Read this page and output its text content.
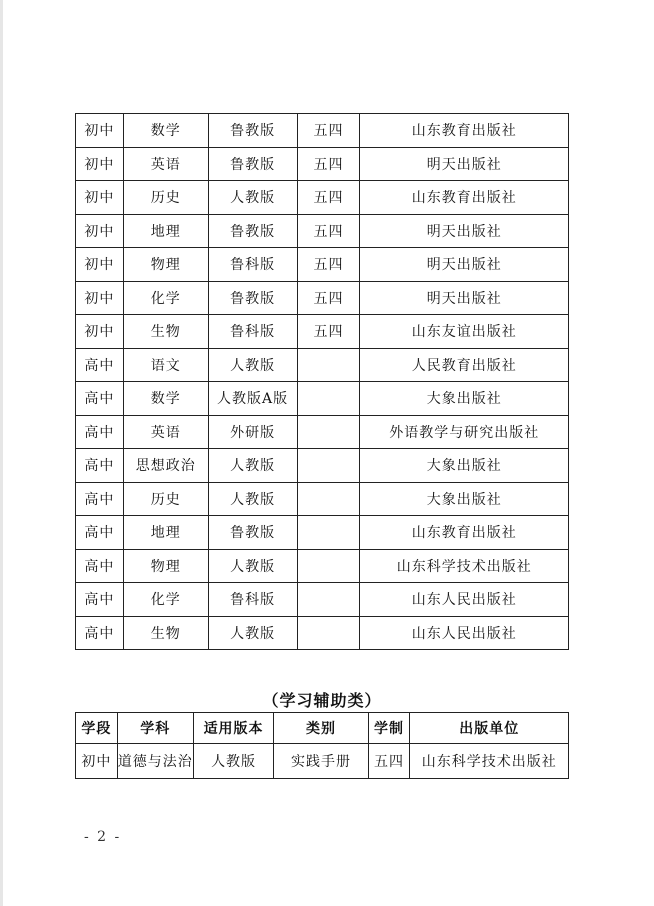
初中	数学	鲁教版	五四	山东教育出版社
初中	英语	鲁教版	五四	明天出版社
初中	历史	人教版	五四	山东教育出版社
初中	地理	鲁教版	五四	明天出版社
初中	物理	鲁科版	五四	明天出版社
初中	化学	鲁教版	五四	明天出版社
初中	生物	鲁科版	五四	山东友谊出版社
高中	语文	人教版		人民教育出版社
高中	数学	人教版A版		大象出版社
高中	英语	外研版		外语教学与研究出版社
高中	思想政治	人教版		大象出版社
高中	历史	人教版		大象出版社
高中	地理	鲁教版		山东教育出版社
高中	物理	人教版		山东科学技术出版社
高中	化学	鲁科版		山东人民出版社
高中	生物	人教版		山东人民出版社
（学习辅助类）
学段	学科	适用版本	类别	学制	出版单位
初中	道德与法治	人教版	实践手册	五四	山东科学技术出版社
- 2 -
